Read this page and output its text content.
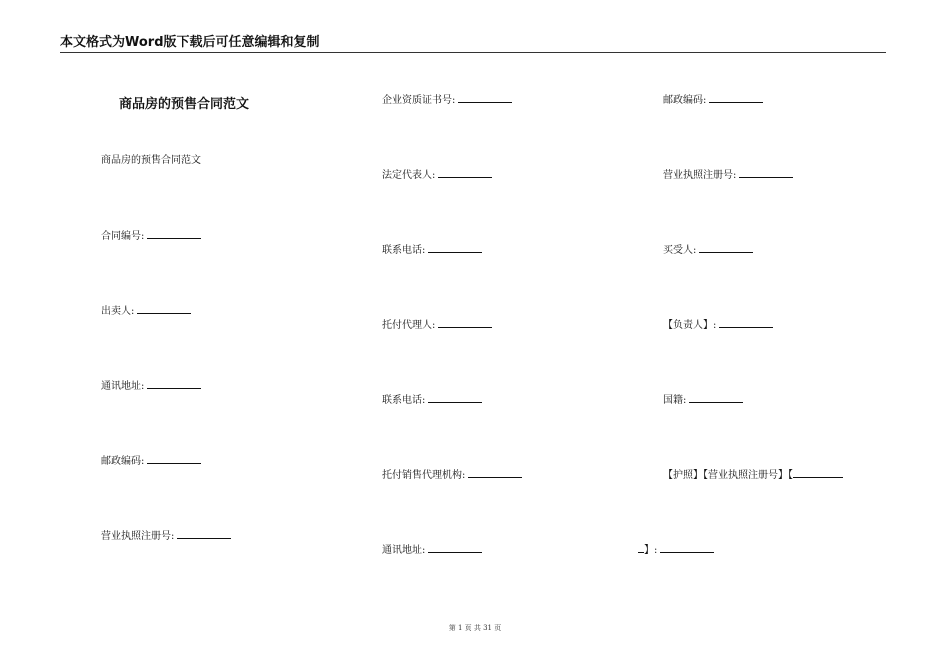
本文格式为Word版下载后可任意编辑和复制
商品房的预售合同范文
商品房的预售合同范文
合同编号:
出卖人:
通讯地址:
邮政编码:
营业执照注册号:
企业资质证书号:
法定代表人:
联系电话:
托付代理人:
联系电话:
托付销售代理机构:
通讯地址:
邮政编码:
营业执照注册号:
买受人:
【负责人】:
国籍:
【护照】【营业执照注册号】【
】:
第 1 页 共 31 页
